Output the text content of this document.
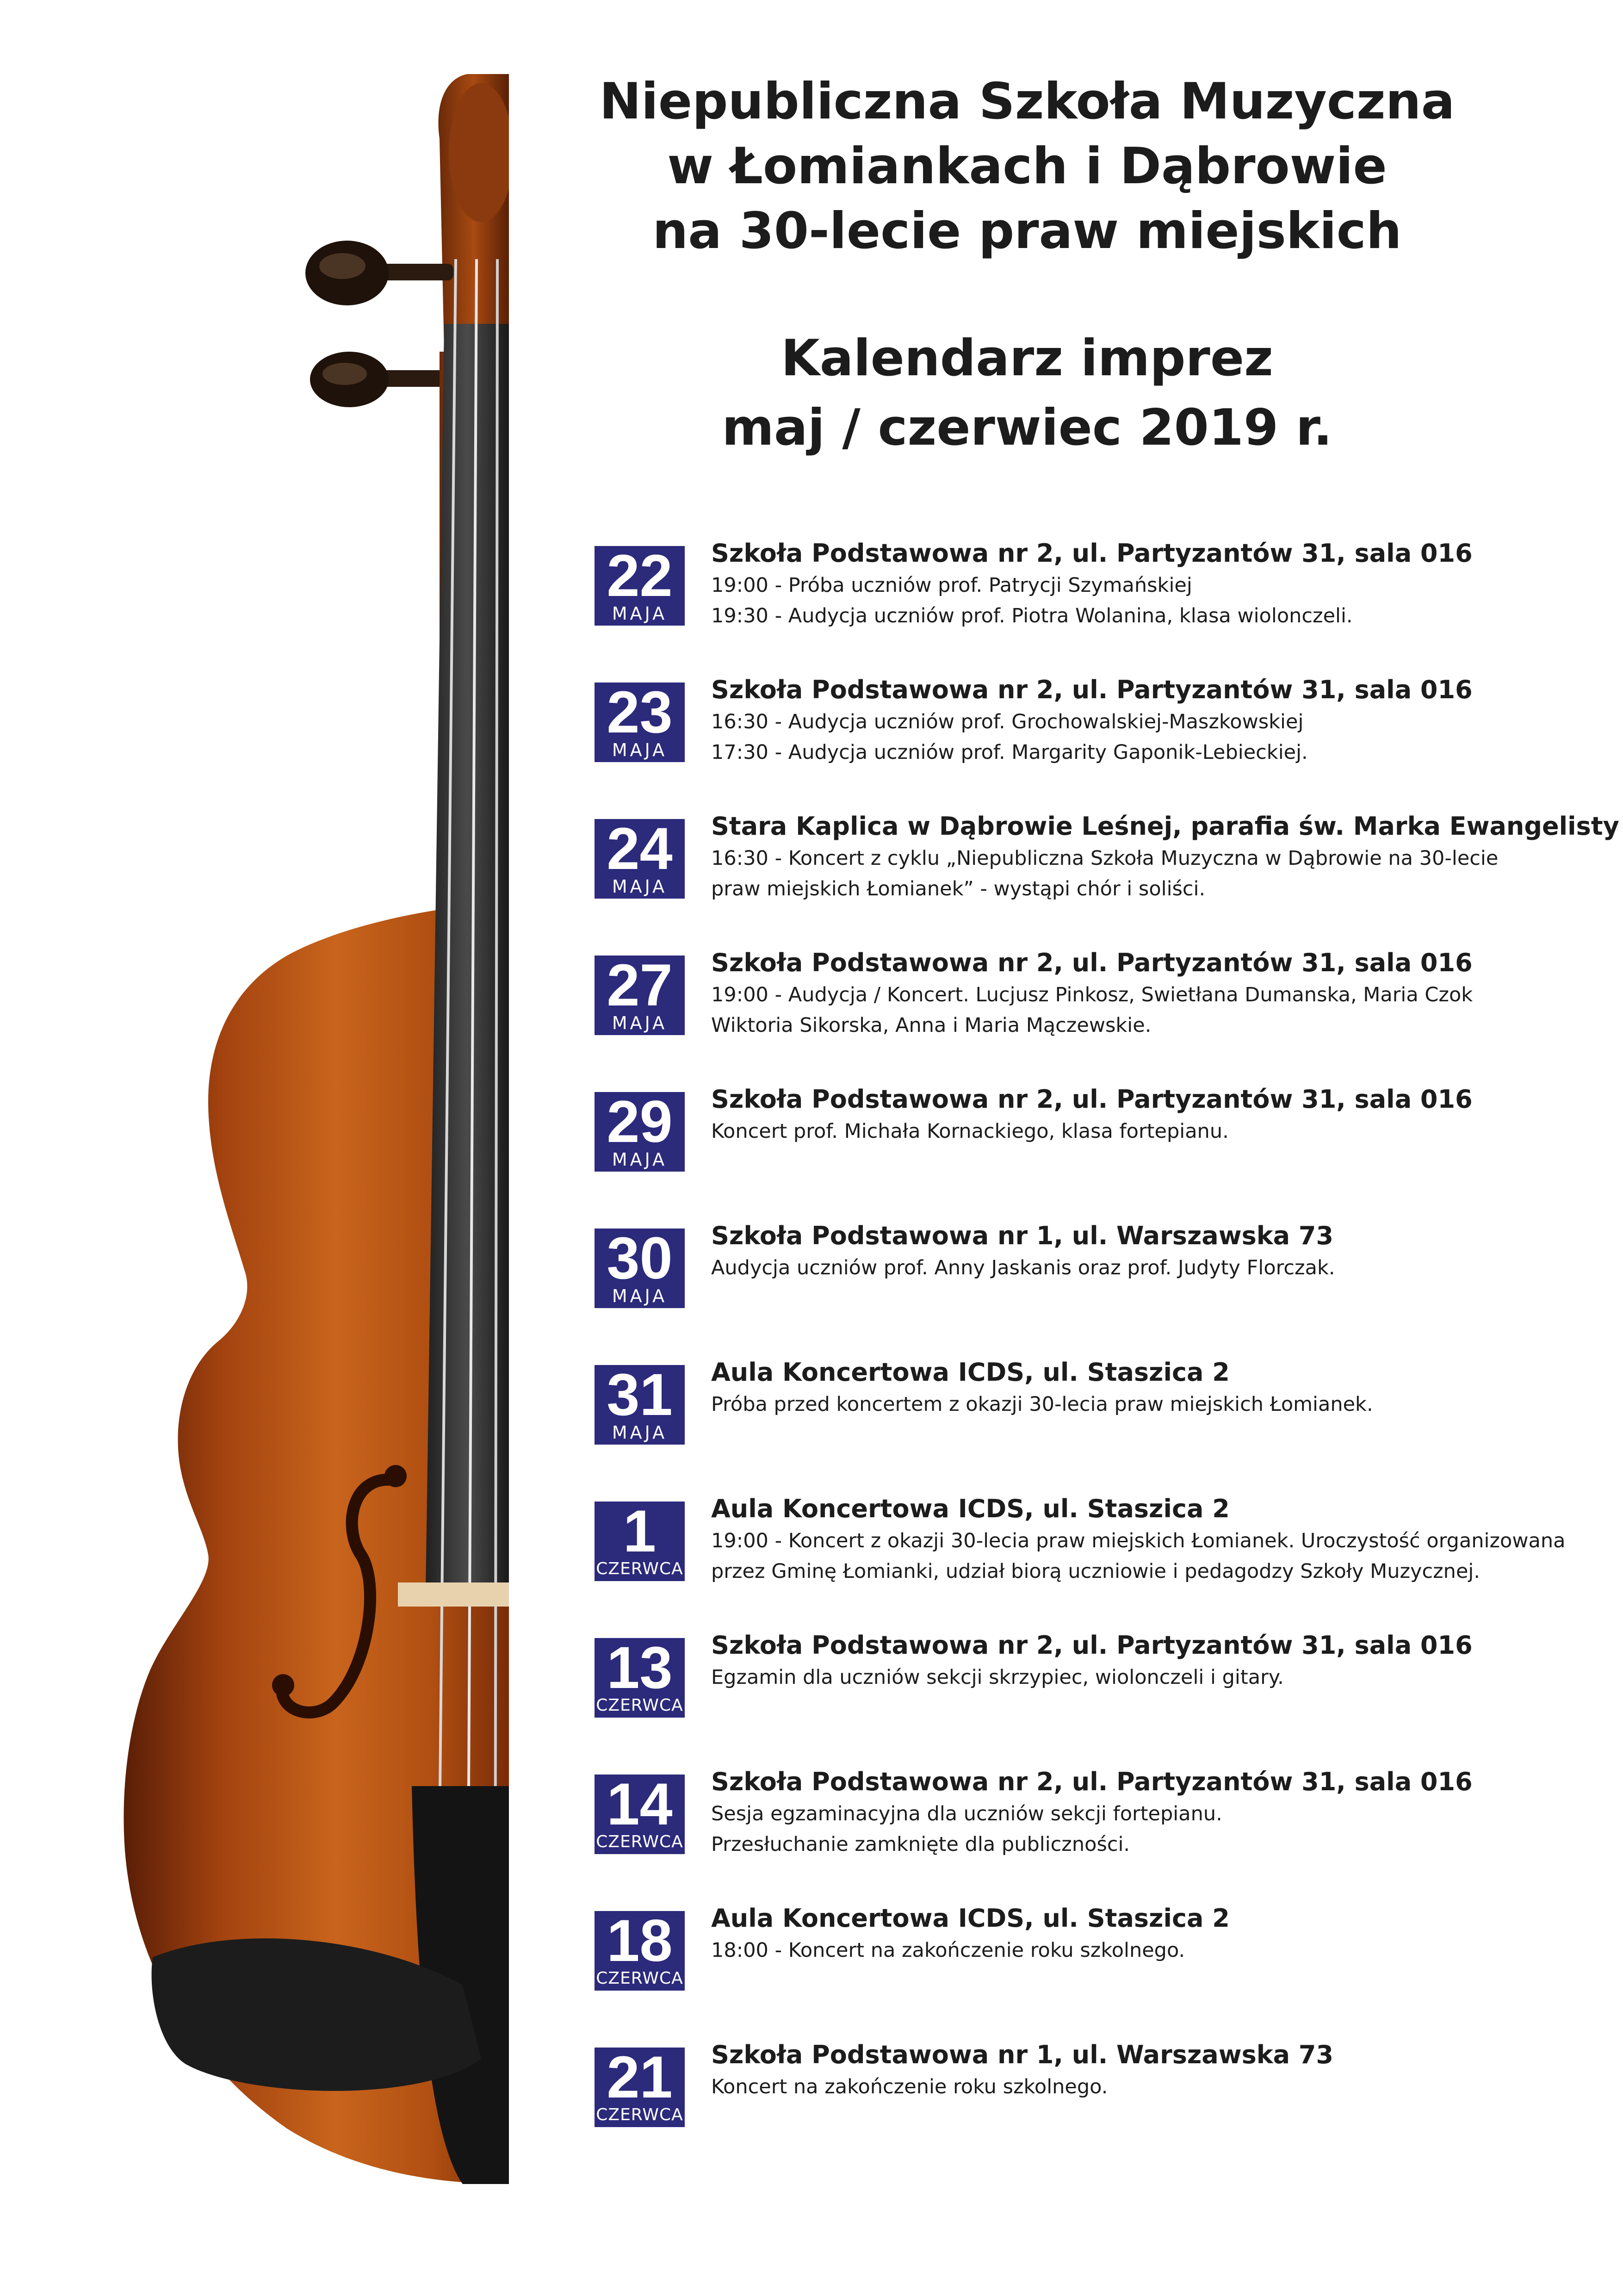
Niepubliczna Szkoła Muzyczna
w Łomiankach i Dąbrowie
na 30-lecie praw miejskich
Kalendarz imprez
maj / czerwiec 2019 r.
22
MAJA
Szkoła Podstawowa nr 2, ul. Partyzantów 31, sala 016
19:00 - Próba uczniów prof. Patrycji Szymańskiej
19:30 - Audycja uczniów prof. Piotra Wolanina, klasa wiolonczeli.
23
MAJA
Szkoła Podstawowa nr 2, ul. Partyzantów 31, sala 016
16:30 - Audycja uczniów prof. Grochowalskiej-Maszkowskiej
17:30 - Audycja uczniów prof. Margarity Gaponik-Lebieckiej.
24
MAJA
Stara Kaplica w Dąbrowie Leśnej, parafia św. Marka Ewangelisty
16:30 - Koncert z cyklu „Niepubliczna Szkoła Muzyczna w Dąbrowie na 30-lecie
praw miejskich Łomianek” - wystąpi chór i soliści.
27
MAJA
Szkoła Podstawowa nr 2, ul. Partyzantów 31, sala 016
19:00 - Audycja / Koncert. Lucjusz Pinkosz, Swietłana Dumanska, Maria Czok
Wiktoria Sikorska, Anna i Maria Mączewskie.
29
MAJA
Szkoła Podstawowa nr 2, ul. Partyzantów 31, sala 016
Koncert prof. Michała Kornackiego, klasa fortepianu.
30
MAJA
Szkoła Podstawowa nr 1, ul. Warszawska 73
Audycja uczniów prof. Anny Jaskanis oraz prof. Judyty Florczak.
31
MAJA
Aula Koncertowa ICDS, ul. Staszica 2
Próba przed koncertem z okazji 30-lecia praw miejskich Łomianek.
1
CZERWCA
Aula Koncertowa ICDS, ul. Staszica 2
19:00 - Koncert z okazji 30-lecia praw miejskich Łomianek. Uroczystość organizowana
przez Gminę Łomianki, udział biorą uczniowie i pedagodzy Szkoły Muzycznej.
13
CZERWCA
Szkoła Podstawowa nr 2, ul. Partyzantów 31, sala 016
Egzamin dla uczniów sekcji skrzypiec, wiolonczeli i gitary.
14
CZERWCA
Szkoła Podstawowa nr 2, ul. Partyzantów 31, sala 016
Sesja egzaminacyjna dla uczniów sekcji fortepianu.
Przesłuchanie zamknięte dla publiczności.
18
CZERWCA
Aula Koncertowa ICDS, ul. Staszica 2
18:00 - Koncert na zakończenie roku szkolnego.
21
CZERWCA
Szkoła Podstawowa nr 1, ul. Warszawska 73
Koncert na zakończenie roku szkolnego.
